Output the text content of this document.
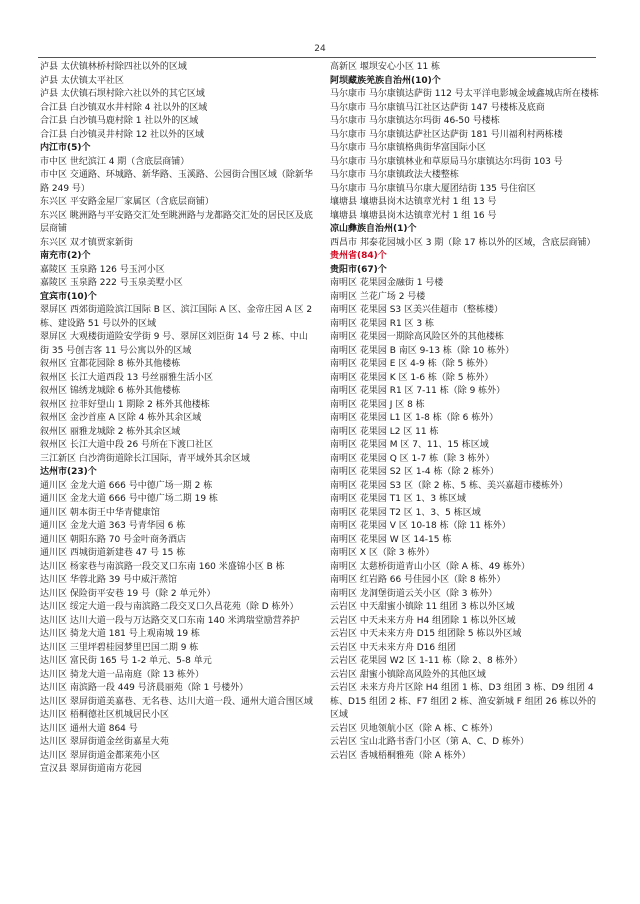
24
泸县 太伏镇林桥村除四社以外的区域
泸县 太伏镇太平社区
泸县 太伏镇石坝村除六社以外的其它区域
合江县 白沙镇双水井村除 4 社以外的区域
合江县 白沙镇马鹿村除 1 社以外的区域
合江县 白沙镇灵井村除 12 社以外的区域
内江市(5)个
市中区 世纪滨江 4 期（含底层商铺）
市中区 交通路、环城路、新华路、玉溪路、公园街合围区域（除新华路 249 号）
东兴区 平安路金屋厂家属区（含底层商铺）
东兴区 眺洲路与平安路交汇处至眺洲路与龙都路交汇处的居民区及底层商铺
东兴区 双才镇贾家新街
南充市(2)个
嘉陵区 玉泉路 126 号玉河小区
嘉陵区 玉泉路 222 号玉泉美墅小区
宜宾市(10)个
翠屏区 西郊街道险滨江国际 B 区、滨江国际 A 区、金帝庄园 A 区 2 栋、建设路 51 号以外的区域
翠屏区 大观楼街道险安学街 9 号、翠屏区刘臣街 14 号 2 栋、中山街 35 号创吉客 11 号公寓以外的区域
叙州区 宜都花园除 8 栋外其他楼栋
叙州区 长江大道西段 13 号丝丽雅生活小区
叙州区 锦绣龙城除 6 栋外其他楼栋
叙州区 拉菲好望山 1 期除 2 栋外其他楼栋
叙州区 金沙首座 A 区除 4 栋外其余区域
叙州区 丽雅龙城除 2 栋外其余区域
叙州区 长江大道中段 26 号所在下渡口社区
三江新区 白沙湾街道除长江国际，青平域外其余区域
达州市(23)个
通川区 金龙大道 666 号中德广场一期 2 栋
通川区 金龙大道 666 号中德广场二期 19 栋
通川区 朝本街王中华青健康馆
通川区 金龙大道 363 号青华园 6 栋
通川区 朝阳东路 70 号金叶商务酒店
通川区 西城街道新建巷 47 号 15 栋
达川区 杨家巷与南滨路一段交叉口东南 160 米盛锦小区 B 栋
达川区 华蓉北路 39 号中威汗蒸馆
达川区 保险街平安巷 19 号（除 2 单元外）
达川区 绥定大道一段与南滨路二段交叉口久昌花苑（除 D 栋外）
达川区 达川大道一段与万达路交叉口东南 140 米鸿瑞堂励营养护
达川区 骑龙大道 181 号上观南城 19 栋
达川区 三里坪碧桂园梦里巴国二期 9 栋
达川区 富民街 165 号 1-2 单元、5-8 单元
达川区 骑龙大道一品南庭（除 13 栋外）
达川区 南滨路一段 449 号济晨丽苑（除 1 号楼外）
达川区 翠屏街道美嘉巷、无名巷、达川大道一段、通州大道合围区域
达川区 梧桐德社区机城居民小区
达川区 通州大道 864 号
达川区 翠屏街道金丝街嘉星大苑
达川区 翠屏街道金都莱苑小区
宣汉县 翠屏街道南方花园
高新区 堰坝安心小区 11 栋
阿坝藏族羌族自治州(10)个
马尔康市 马尔康镇达萨街 112 号太平洋电影城金域鑫城店所在楼栋
马尔康市 马尔康镇马江社区达萨街 147 号楼栋及底商
马尔康市 马尔康镇达尔玛街 46-50 号楼栋
马尔康市 马尔康镇达萨社区达萨街 181 号川福利村两栋楼
马尔康市 马尔康镇格典街华富国际小区
马尔康市 马尔康镇林业和草原局马尔康镇达尔玛街 103 号
马尔康市 马尔康镇政法大楼整栋
马尔康市 马尔康镇马尔康大厦团结街 135 号住宿区
壤塘县 壤塘县岗木达镇章光村 1 组 13 号
壤塘县 壤塘县岗木达镇章光村 1 组 16 号
凉山彝族自治州(1)个
西昌市 邦泰花园城小区 3 期（除 17 栋以外的区域，含底层商铺）
贵州省(84)个
贵阳市(67)个
南明区 花果园金融街 1 号楼
南明区 兰花广场 2 号楼
南明区 花果园 S3 区美兴佳超市（整栋楼）
南明区 花果园 R1 区 3 栋
南明区 花果园一期除高风险区外的其他楼栋
南明区 花果园 B 南区 9-13 栋（除 10 栋外）
南明区 花果园 E 区 4-9 栋（除 5 栋外）
南明区 花果园 K 区 1-6 栋（除 5 栋外）
南明区 花果园 R1 区 7-11 栋（除 9 栋外）
南明区 花果园 J 区 8 栋
南明区 花果园 L1 区 1-8 栋（除 6 栋外）
南明区 花果园 L2 区 11 栋
南明区 花果园 M 区 7、11、15 栋区域
南明区 花果园 Q 区 1-7 栋（除 3 栋外）
南明区 花果园 S2 区 1-4 栋（除 2 栋外）
南明区 花果园 S3 区（除 2 栋、5 栋、美兴嘉超市楼栋外）
南明区 花果园 T1 区 1、3 栋区域
南明区 花果园 T2 区 1、3、5 栋区域
南明区 花果园 V 区 10-18 栋（除 11 栋外）
南明区 花果园 W 区 14-15 栋
南明区 X 区（除 3 栋外）
南明区 太慈桥街道青山小区（除 A 栋、49 栋外）
南明区 红岩路 66 号佳园小区（除 8 栋外）
南明区 龙洞堡街道云关小区（除 3 栋外）
云岩区 中天甜蜜小镇除 11 组团 3 栋以外区域
云岩区 中天未来方舟 H4 组团除 1 栋以外区域
云岩区 中天未来方舟 D15 组团除 5 栋以外区域
云岩区 中天未来方舟 D16 组团
云岩区 花果园 W2 区 1-11 栋（除 2、8 栋外）
云岩区 甜蜜小镇除高风险外的其他区域
云岩区 未来方舟片区除 H4 组团 1 栋、D3 组团 3 栋、D9 组团 4 栋、D15 组团 2 栋、F7 组团 2 栋、渔安新城 F 组团 26 栋以外的区域
云岩区 贝地领航小区（除 A 栋、C 栋外）
云岩区 宝山北路书香门小区（第 A、C、D 栋外）
云岩区 香城梧桐雅苑（除 A 栋外）
